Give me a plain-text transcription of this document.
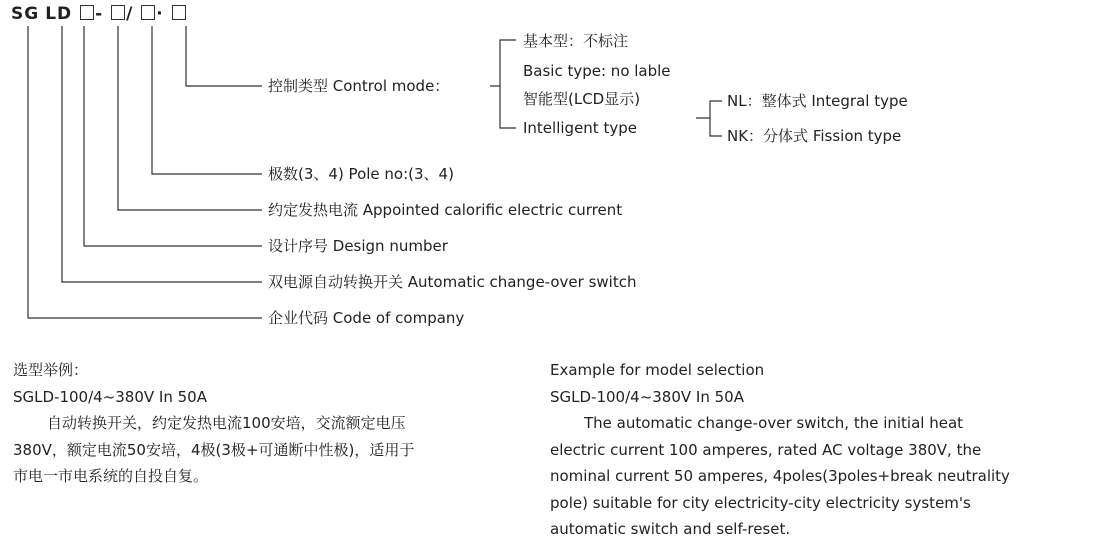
SG LD - / ·
控制类型 Control mode：
极数(3、4) Pole no:(3、4)
约定发热电流 Appointed calorific electric current
设计序号 Design number
双电源自动转换开关 Automatic change-over switch
企业代码 Code of company
基本型：不标注
Basic type: no lable
智能型(LCD显示)
Intelligent type
NL：整体式 Integral type
NK：分体式 Fission type
选型举例：
SGLD-100/4~380V In 50A
自动转换开关，约定发热电流100安培，交流额定电压
380V，额定电流50安培，4极(3极+可通断中性极)，适用于
市电一市电系统的自投自复。
Example for model selection
SGLD-100/4~380V In 50A
The automatic change-over switch, the initial heat
electric current 100 amperes, rated AC voltage 380V, the
nominal current 50 amperes, 4poles(3poles+break neutrality
pole) suitable for city electricity-city electricity system's
automatic switch and self-reset.
